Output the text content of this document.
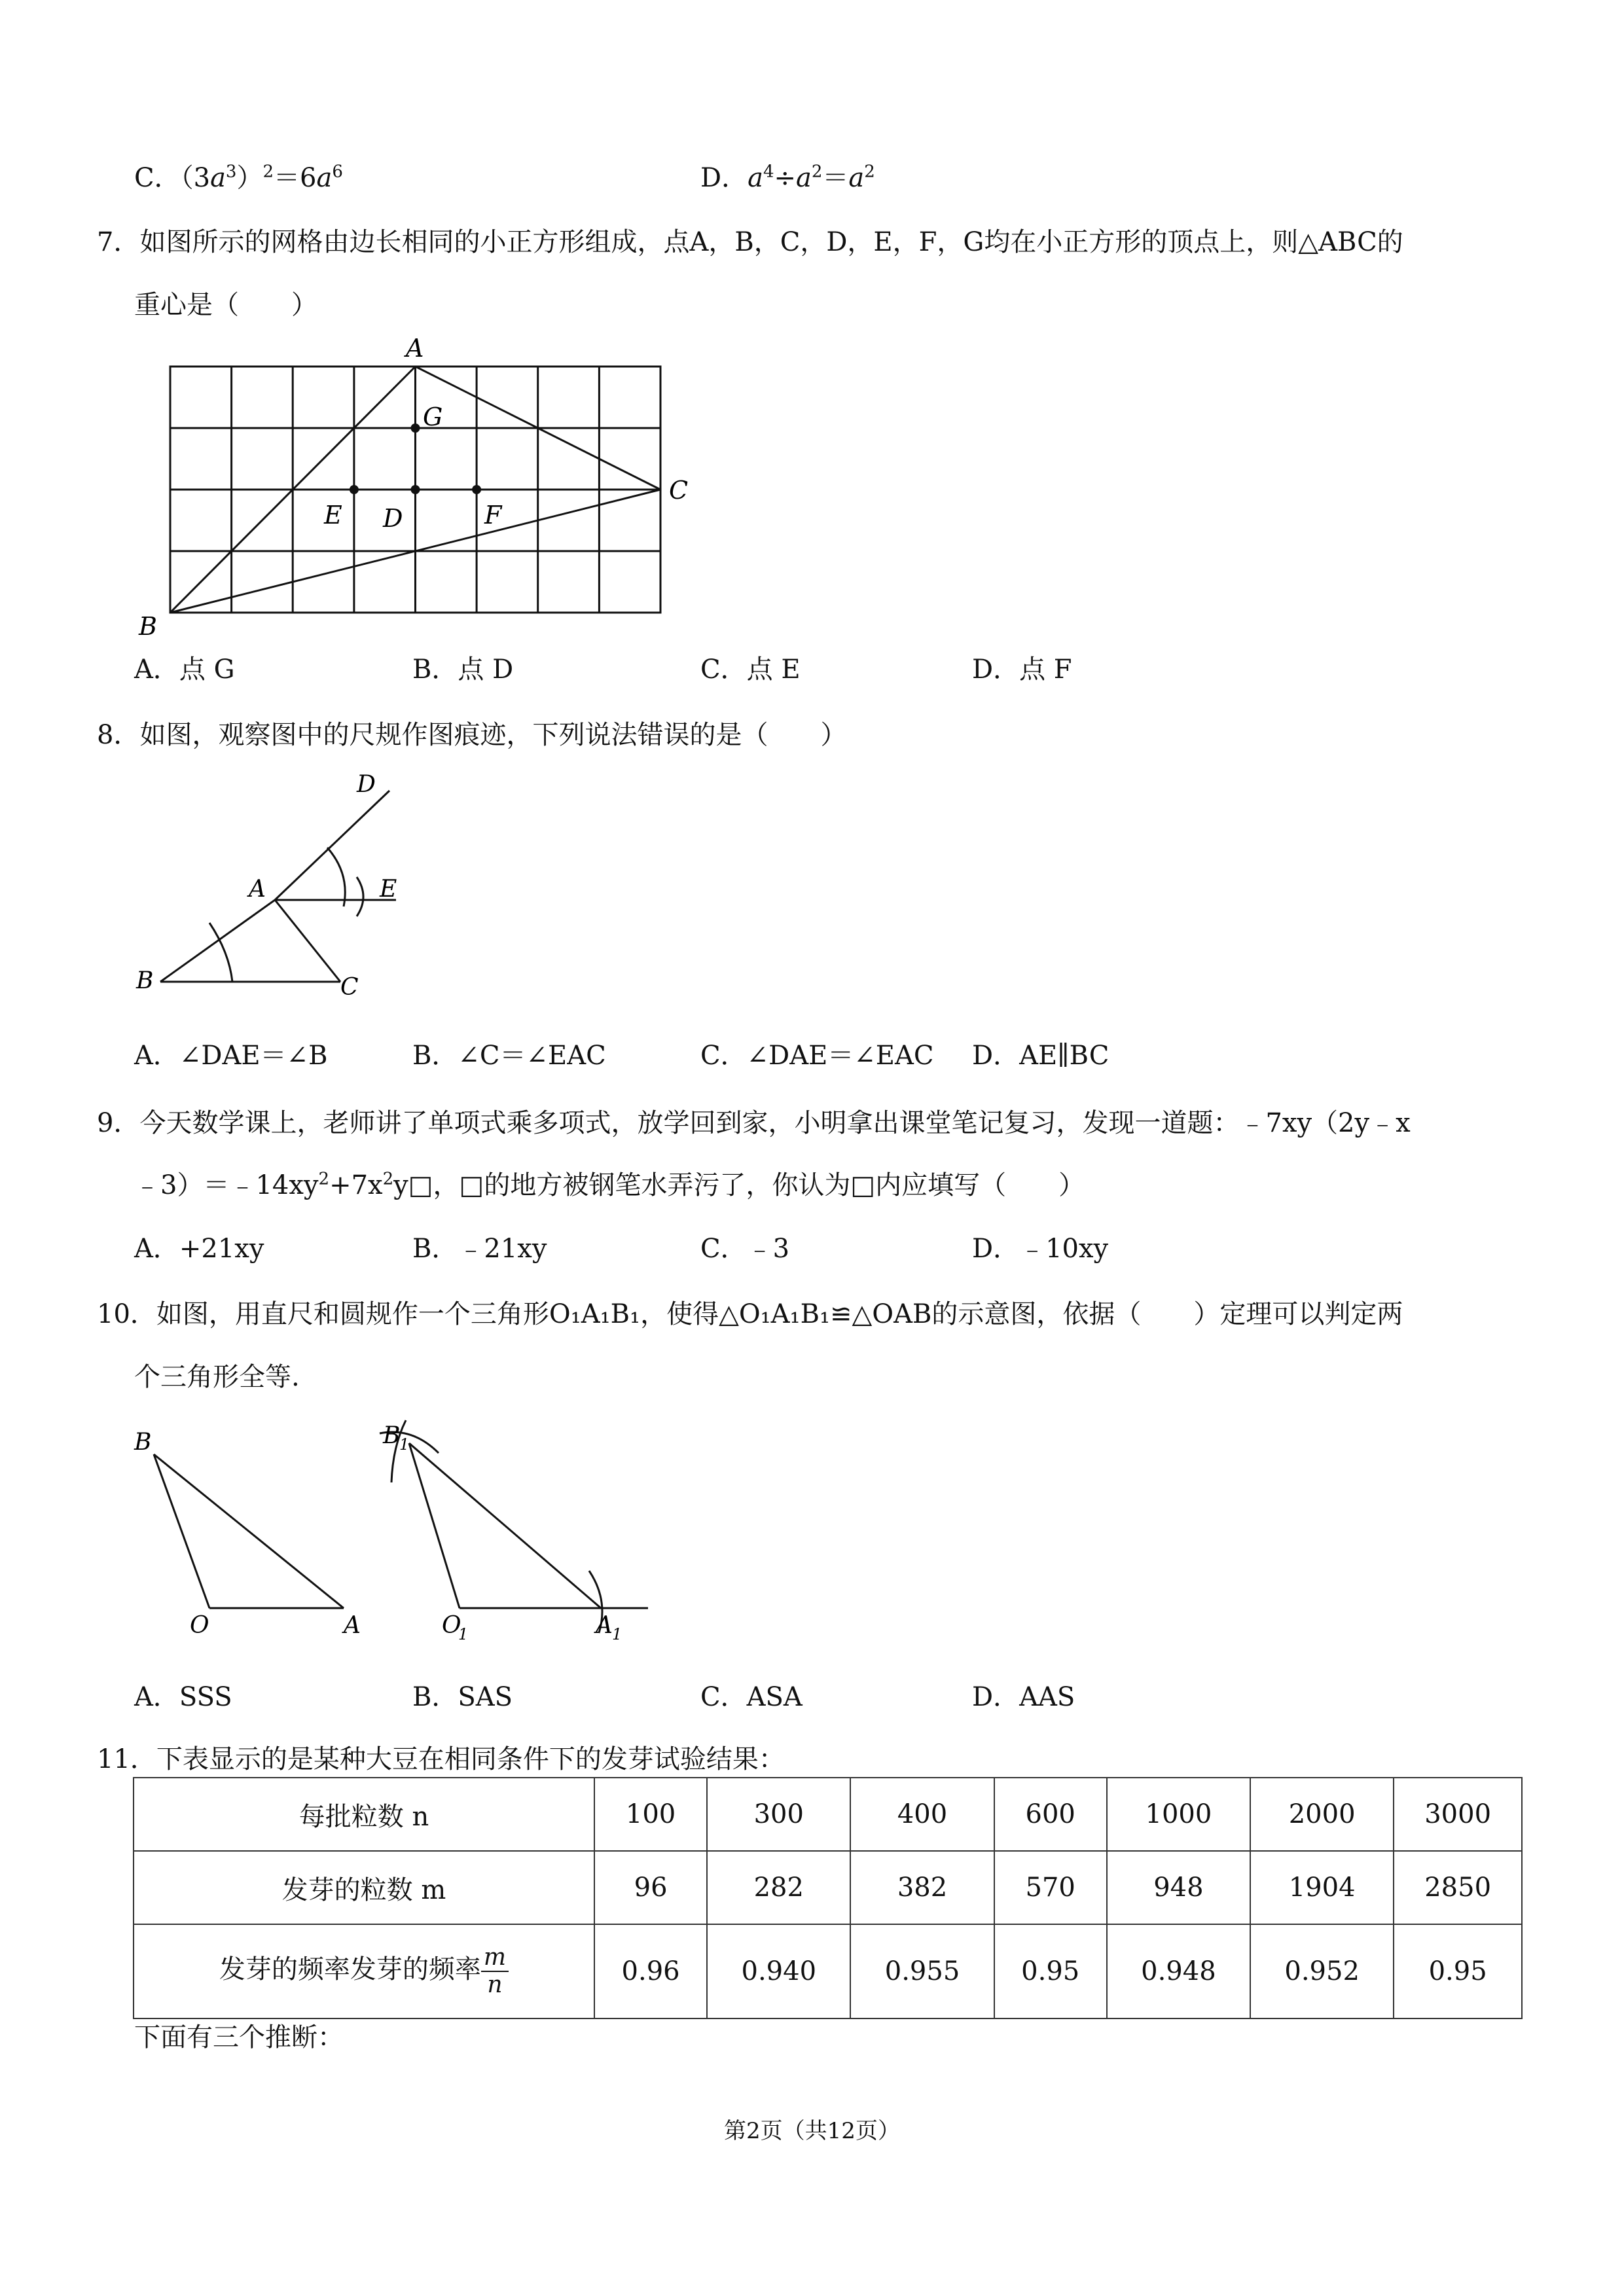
C．$(3a^3)^2=6a^6$	D．$a^4\div a^2=a^2$
7．如图所示的网格由边长相同的小正方形组成，点A，B，C，D，E，F，G均在小正方形的顶点上，则△ABC的
重心是（　　）
A
B
C
D
E	F
G
A．点 G	B．点 D	C．点 E	D．点 F
8．如图，观察图中的尺规作图痕迹，下列说法错误的是（　　）
A
B	C
D
E
A．∠DAE＝∠B	B．∠C＝∠EAC	C．∠DAE＝∠EAC D．AE∥BC
9．今天数学课上，老师讲了单项式乘多项式，放学回到家，小明拿出课堂笔记复习，发现一道题：﹣7xy（2y﹣x
$﹣3)=﹣14xy^2+7x^2y□$，□的地方被钢笔水弄污了，你认为□内应填写（　　）
A．+21xy	B．﹣21xy	C．﹣3	D．﹣10xy
10．如图，用直尺和圆规作一个三角形O₁A₁B₁，使得△O₁A₁B₁≌△OAB的示意图，依据（　　）定理可以判定两
个三角形全等.
B
O	A
B
1
O
1	A 1
A．SSS	B．SAS	C．ASA	D．AAS
11．下表显示的是某种大豆在相同条件下的发芽试验结果：
每批粒数 n	100	300	400	600	1000	2000	3000
发芽的粒数 m	96	282	382	570	948	1904	2850
发芽的频率发芽的频率 $\frac{m}{n}$	0.96	0.940	0.955	0.95	0.948	0.952	0.95
下面有三个推断：
第2页（共12页）
